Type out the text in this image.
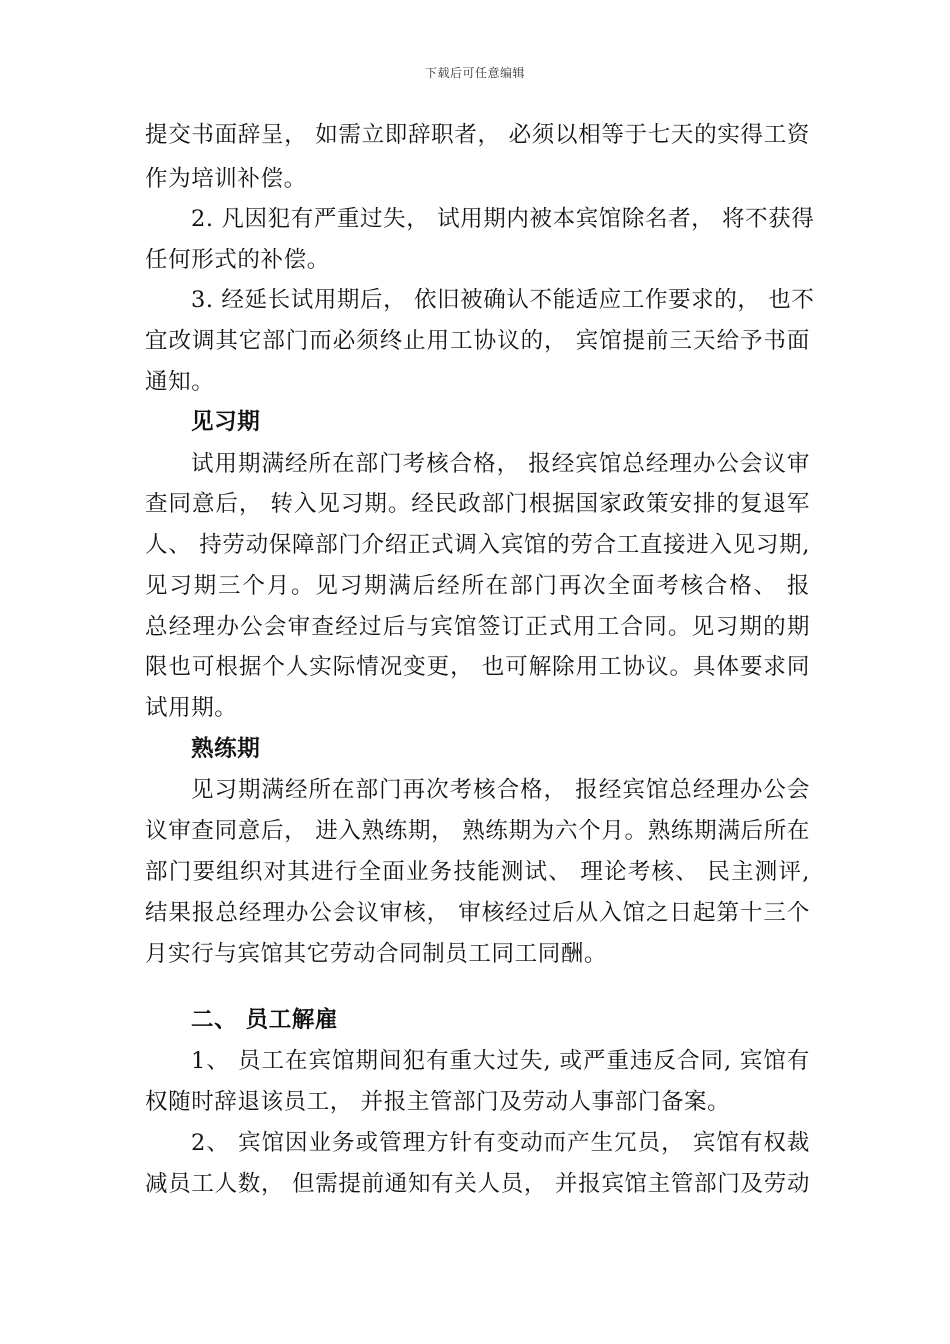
下载后可任意编辑
提交书面辞呈， 如需立即辞职者， 必须以相等于七天的实得工资
作为培训补偿。
2. 凡因犯有严重过失， 试用期内被本宾馆除名者， 将不获得
任何形式的补偿。
3. 经延长试用期后， 依旧被确认不能适应工作要求的， 也不
宜改调其它部门而必须终止用工协议的， 宾馆提前三天给予书面
通知。
见习期
试用期满经所在部门考核合格， 报经宾馆总经理办公会议审
查同意后， 转入见习期。经民政部门根据国家政策安排的复退军
人、 持劳动保障部门介绍正式调入宾馆的劳合工直接进入见习期,
见习期三个月。见习期满后经所在部门再次全面考核合格、 报
总经理办公会审查经过后与宾馆签订正式用工合同。见习期的期
限也可根据个人实际情况变更， 也可解除用工协议。具体要求同
试用期。
熟练期
见习期满经所在部门再次考核合格， 报经宾馆总经理办公会
议审查同意后， 进入熟练期， 熟练期为六个月。熟练期满后所在
部门要组织对其进行全面业务技能测试、 理论考核、 民主测评,
结果报总经理办公会议审核， 审核经过后从入馆之日起第十三个
月实行与宾馆其它劳动合同制员工同工同酬。
二、 员工解雇
1、 员工在宾馆期间犯有重大过失, 或严重违反合同, 宾馆有
权随时辞退该员工， 并报主管部门及劳动人事部门备案。
2、 宾馆因业务或管理方针有变动而产生冗员， 宾馆有权裁
减员工人数， 但需提前通知有关人员， 并报宾馆主管部门及劳动
